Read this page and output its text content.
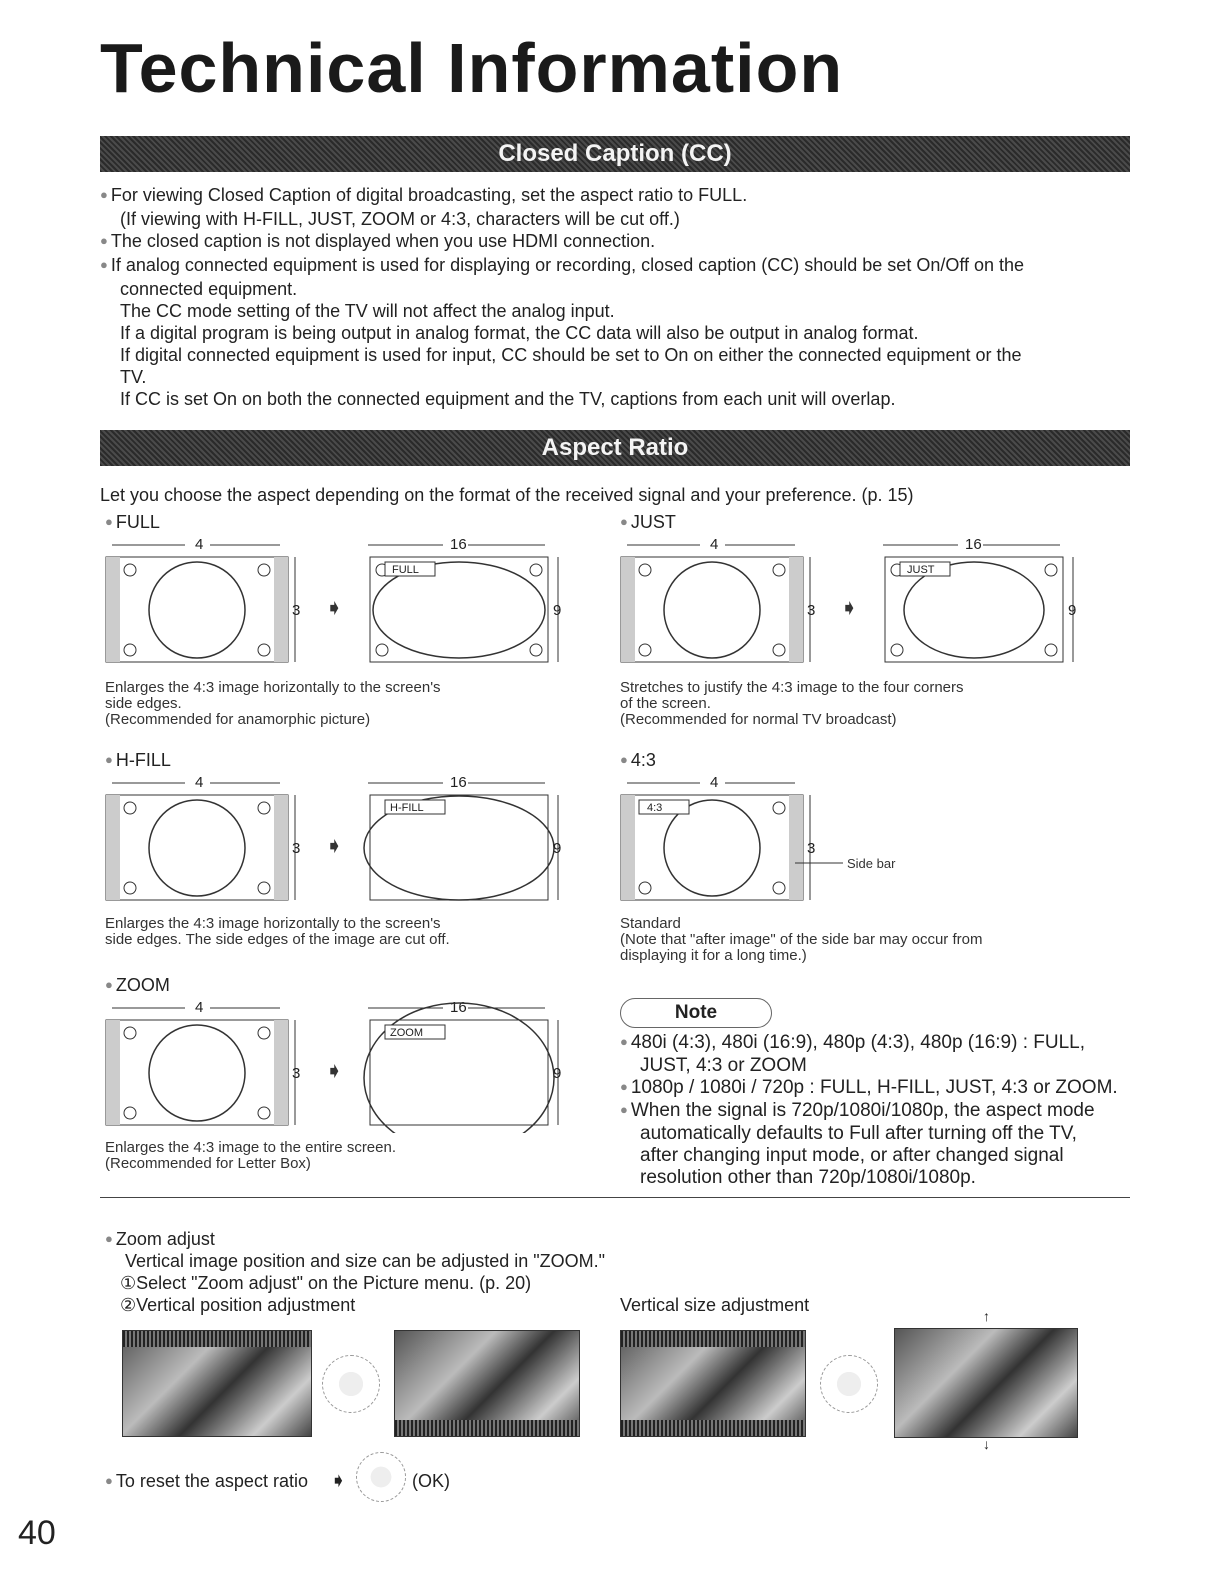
Technical Information
Closed Caption (CC)
● For viewing Closed Caption of digital broadcasting, set the aspect ratio to FULL.
(If viewing with H-FILL, JUST, ZOOM or 4:3, characters will be cut off.)
● The closed caption is not displayed when you use HDMI connection.
● If analog connected equipment is used for displaying or recording, closed caption (CC) should be set On/Off on the
connected equipment.
The CC mode setting of the TV will not affect the analog input.
If a digital program is being output in analog format, the CC data will also be output in analog format.
If digital connected equipment is used for input, CC should be set to On on either the connected equipment or the
TV.
If CC is set On on both the connected equipment and the TV, captions from each unit will overlap.
Aspect Ratio
Let you choose the aspect depending on the format of the received signal and your preference. (p. 15)
● FULL
4
3 ➧
16
FULL
9
Enlarges the 4:3 image horizontally to the screen's
side edges.
(Recommended for anamorphic picture)
● JUST
4
3 ➧
16
JUST
9
Stretches to justify the 4:3 image to the four corners
of the screen.
(Recommended for normal TV broadcast)
● H-FILL
4
3 ➧
16
H-FILL
9
Enlarges the 4:3 image horizontally to the screen's
side edges. The side edges of the image are cut off.
● 4:3
4
4:3
3
Side bar
Standard
(Note that "after image" of the side bar may occur from
displaying it for a long time.)
● ZOOM
4
3 ➧
16
ZOOM
9
Enlarges the 4:3 image to the entire screen.
(Recommended for Letter Box)
Note
● 480i (4:3), 480i (16:9), 480p (4:3), 480p (16:9) : FULL,
JUST, 4:3 or ZOOM
● 1080p / 1080i / 720p : FULL, H-FILL, JUST, 4:3 or ZOOM.
● When the signal is 720p/1080i/1080p, the aspect mode
automatically defaults to Full after turning off the TV,
after changing input mode, or after changed signal
resolution other than 720p/1080i/1080p.
● Zoom adjust
Vertical image position and size can be adjusted in "ZOOM."
①Select "Zoom adjust" on the Picture menu. (p. 20)
②Vertical position adjustment	Vertical size adjustment
↑
↓
● To reset the aspect ratio ➧	(OK)
40
